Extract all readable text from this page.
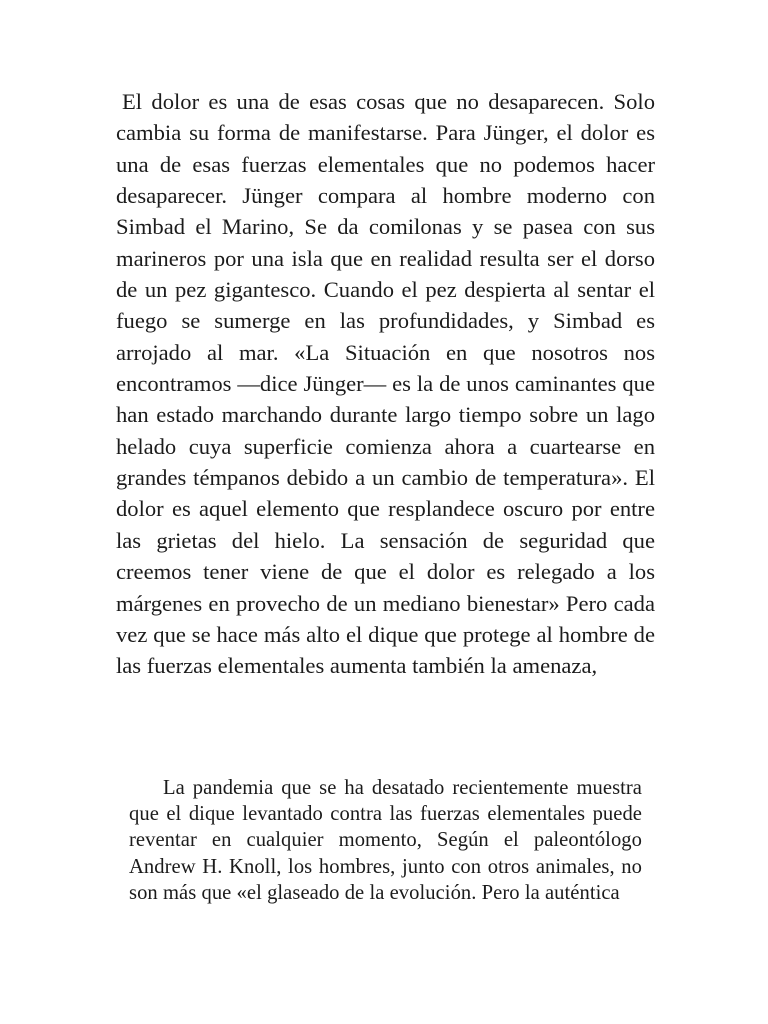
El dolor es una de esas cosas que no desaparecen. Solo cambia su forma de manifestarse. Para Jünger, el dolor es una de esas fuerzas elementales que no podemos hacer desaparecer. Jünger compara al hombre moderno con Simbad el Marino, Se da comilonas y se pasea con sus marineros por una isla que en realidad resulta ser el dorso de un pez gigantesco. Cuando el pez despierta al sentar el fuego se sumerge en las profundidades, y Simbad es arrojado al mar. «La Situación en que nosotros nos encontramos —dice Jünger— es la de unos caminantes que han estado marchando durante largo tiempo sobre un lago helado cuya superficie comienza ahora a cuartearse en grandes témpanos debido a un cambio de temperatura». El dolor es aquel elemento que resplandece oscuro por entre las grietas del hielo. La sensación de seguridad que creemos tener viene de que el dolor es relegado a los márgenes en provecho de un mediano bienestar» Pero cada vez que se hace más alto el dique que protege al hombre de las fuerzas elementales aumenta también la amenaza,

La pandemia que se ha desatado recientemente muestra que el dique levantado contra las fuerzas elementales puede reventar en cualquier momento, Según el paleontólogo Andrew H. Knoll, los hombres, junto con otros animales, no son más que «el glaseado de la evolución. Pero la auténtica
